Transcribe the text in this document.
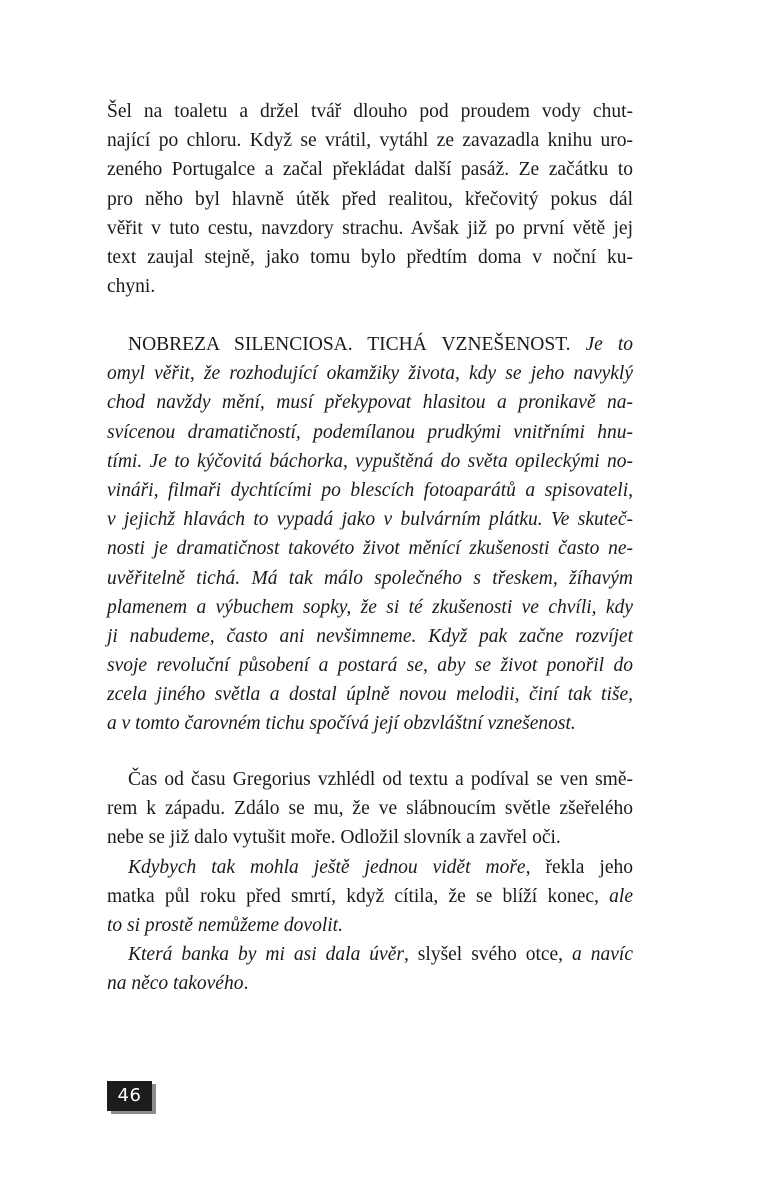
Šel na toaletu a držel tvář dlouho pod proudem vody chut-
nající po chloru. Když se vrátil, vytáhl ze zavazadla knihu uro-
zeného Portugalce a začal překládat další pasáž. Ze začátku to
pro něho byl hlavně útěk před realitou, křečovitý pokus dál
věřit v tuto cestu, navzdory strachu. Avšak již po první větě jej
text zaujal stejně, jako tomu bylo předtím doma v noční ku-
chyni.
NOBREZA SILENCIOSA. TICHÁ VZNEŠENOST. Je to
omyl věřit, že rozhodující okamžiky života, kdy se jeho navyklý
chod navždy mění, musí překypovat hlasitou a pronikavě na-
svícenou dramatičností, podemílanou prudkými vnitřními hnu-
tími. Je to kýčovitá báchorka, vypuštěná do světa opileckými no-
vináři, filmaři dychtícími po blescích fotoaparátů a spisovateli,
v jejichž hlavách to vypadá jako v bulvárním plátku. Ve skuteč-
nosti je dramatičnost takovéto život měnící zkušenosti často ne-
uvěřitelně tichá. Má tak málo společného s třeskem, žíhavým
plamenem a výbuchem sopky, že si té zkušenosti ve chvíli, kdy
ji nabudeme, často ani nevšimneme. Když pak začne rozvíjet
svoje revoluční působení a postará se, aby se život ponořil do
zcela jiného světla a dostal úplně novou melodii, činí tak tiše,
a v tomto čarovném tichu spočívá její obzvláštní vznešenost.
Čas od času Gregorius vzhlédl od textu a podíval se ven smě-
rem k západu. Zdálo se mu, že ve slábnoucím světle zšeřelého
nebe se již dalo vytušit moře. Odložil slovník a zavřel oči.
Kdybych tak mohla ještě jednou vidět moře, řekla jeho
matka půl roku před smrtí, když cítila, že se blíží konec, ale
to si prostě nemůžeme dovolit.
Která banka by mi asi dala úvěr, slyšel svého otce, a navíc
na něco takového.
46
